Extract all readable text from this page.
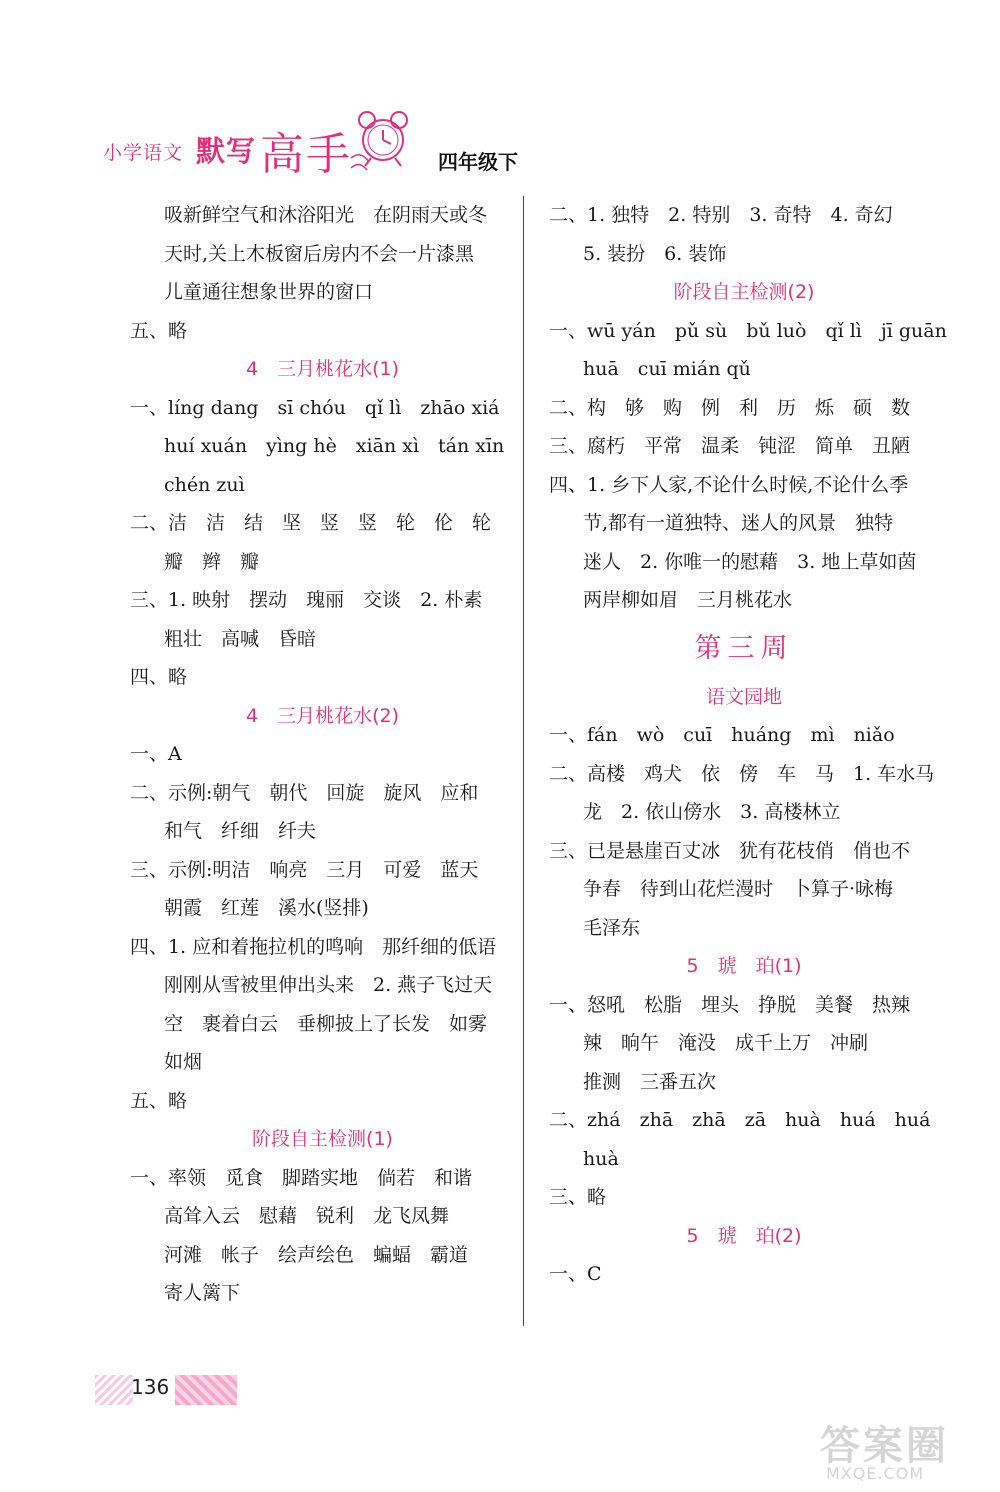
小学语文 默写 高手	四年级下
吸新鲜空气和沐浴阳光　在阴雨天或冬
天时,关上木板窗后房内不会一片漆黑
儿童通往想象世界的窗口
五、略
4　三月桃花水(1)
一、líng dang　sī chóu　qǐ lì　zhāo xiá
huí xuán　yìng hè　xiān xì　tán xīn
chén zuì
二、洁　洁　结　坚　竖　竖　轮　伦　轮
瓣　辫　瓣
三、1. 映射　摆动　瑰丽　交谈　2. 朴素
粗壮　高喊　昏暗
四、略
4　三月桃花水(2)
一、A
二、示例:朝气　朝代　回旋　旋风　应和
和气　纤细　纤夫
三、示例:明洁　响亮　三月　可爱　蓝天
朝霞　红莲　溪水(竖排)
四、1. 应和着拖拉机的鸣响　那纤细的低语
刚刚从雪被里伸出头来　2. 燕子飞过天
空　裹着白云　垂柳披上了长发　如雾
如烟
五、略
阶段自主检测(1)
一、率领　觅食　脚踏实地　倘若　和谐
高耸入云　慰藉　锐利　龙飞凤舞
河滩　帐子　绘声绘色　蝙蝠　霸道
寄人篱下
二、1. 独特　2. 特别　3. 奇特　4. 奇幻
5. 装扮　6. 装饰
阶段自主检测(2)
一、wū yán　pǔ sù　bǔ luò　qǐ lì　jī guān
huā　cuī mián qǔ
二、构　够　购　例　利　历　烁　硕　数
三、腐朽　平常　温柔　钝涩　简单　丑陋
四、1. 乡下人家,不论什么时候,不论什么季
节,都有一道独特、迷人的风景　独特
迷人　2. 你唯一的慰藉　3. 地上草如茵
两岸柳如眉　三月桃花水
第三周
语文园地
一、fán　wò　cuī　huáng　mì　niǎo
二、高楼　鸡犬　依　傍　车　马　1. 车水马
龙　2. 依山傍水　3. 高楼林立
三、已是悬崖百丈冰　犹有花枝俏　俏也不
争春　待到山花烂漫时　卜算子·咏梅
毛泽东
5　琥　珀(1)
一、怒吼　松脂　埋头　挣脱　美餐　热辣
辣　晌午　淹没　成千上万　冲刷
推测　三番五次
二、zhá　zhā　zhā　zā　huà　huá　huá
huà
三、略
5　琥　珀(2)
一、C
136
答案圈
MXQE.COM
